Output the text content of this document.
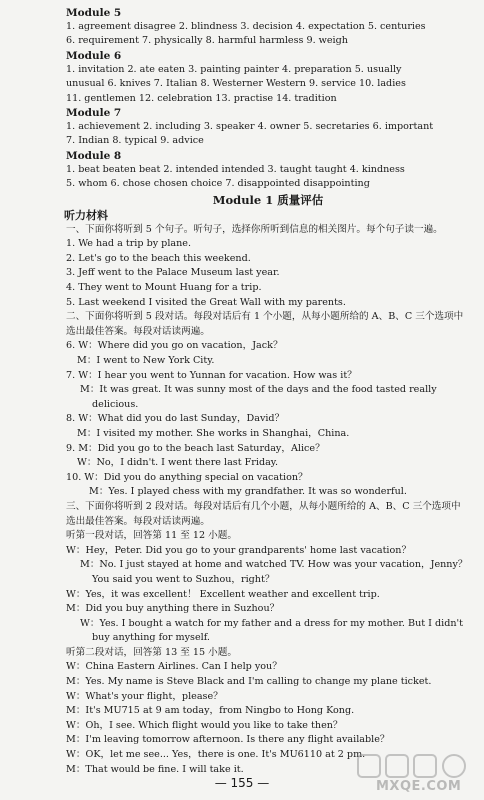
Module 5
1. agreement disagree 2. blindness 3. decision 4. expectation 5. centuries
6. requirement 7. physically 8. harmful harmless 9. weigh
Module 6
1. invitation 2. ate eaten 3. painting painter 4. preparation 5. usually
unusual 6. knives 7. Italian 8. Westerner Western 9. service 10. ladies
11. gentlemen 12. celebration 13. practise 14. tradition
Module 7
1. achievement 2. including 3. speaker 4. owner 5. secretaries 6. important
7. Indian 8. typical 9. advice
Module 8
1. beat beaten beat 2. intended intended 3. taught taught 4. kindness
5. whom 6. chose chosen choice 7. disappointed disappointing
Module 1 质量评估
听力材料
一、下面你将听到 5 个句子。听句子，选择你所听到信息的相关图片。每个句子读一遍。
1. We had a trip by plane.
2. Let's go to the beach this weekend.
3. Jeff went to the Palace Museum last year.
4. They went to Mount Huang for a trip.
5. Last weekend I visited the Great Wall with my parents.
二、下面你将听到 5 段对话。每段对话后有 1 个小题，从每小题所给的 A、B、C 三个选项中选出最佳答案。每段对话读两遍。
6. W：Where did you go on vacation，Jack？
M：I went to New York City.
7. W：I hear you went to Yunnan for vacation. How was it？
M：It was great. It was sunny most of the days and the food tasted really delicious.
8. W：What did you do last Sunday，David？
M：I visited my mother. She works in Shanghai，China.
9. M：Did you go to the beach last Saturday，Alice？
W：No，I didn't. I went there last Friday.
10. W：Did you do anything special on vacation？
M：Yes. I played chess with my grandfather. It was so wonderful.
三、下面你将听到 2 段对话。每段对话后有几个小题，从每小题所给的 A、B、C 三个选项中选出最佳答案。每段对话读两遍。
听第一段对话，回答第 11 至 12 小题。
W：Hey，Peter. Did you go to your grandparents' home last vacation？
M：No. I just stayed at home and watched TV. How was your vacation，Jenny？You said you went to Suzhou，right？
W：Yes，it was excellent！ Excellent weather and excellent trip.
M：Did you buy anything there in Suzhou？
W：Yes. I bought a watch for my father and a dress for my mother. But I didn't buy anything for myself.
听第二段对话，回答第 13 至 15 小题。
W：China Eastern Airlines. Can I help you？
M：Yes. My name is Steve Black and I'm calling to change my plane ticket.
W：What's your flight，please？
M：It's MU715 at 9 am today，from Ningbo to Hong Kong.
W：Oh，I see. Which flight would you like to take then？
M：I'm leaving tomorrow afternoon. Is there any flight available？
W：OK，let me see... Yes，there is one. It's MU6110 at 2 pm.
M：That would be fine. I will take it.
— 155 —	MXQE.COM
